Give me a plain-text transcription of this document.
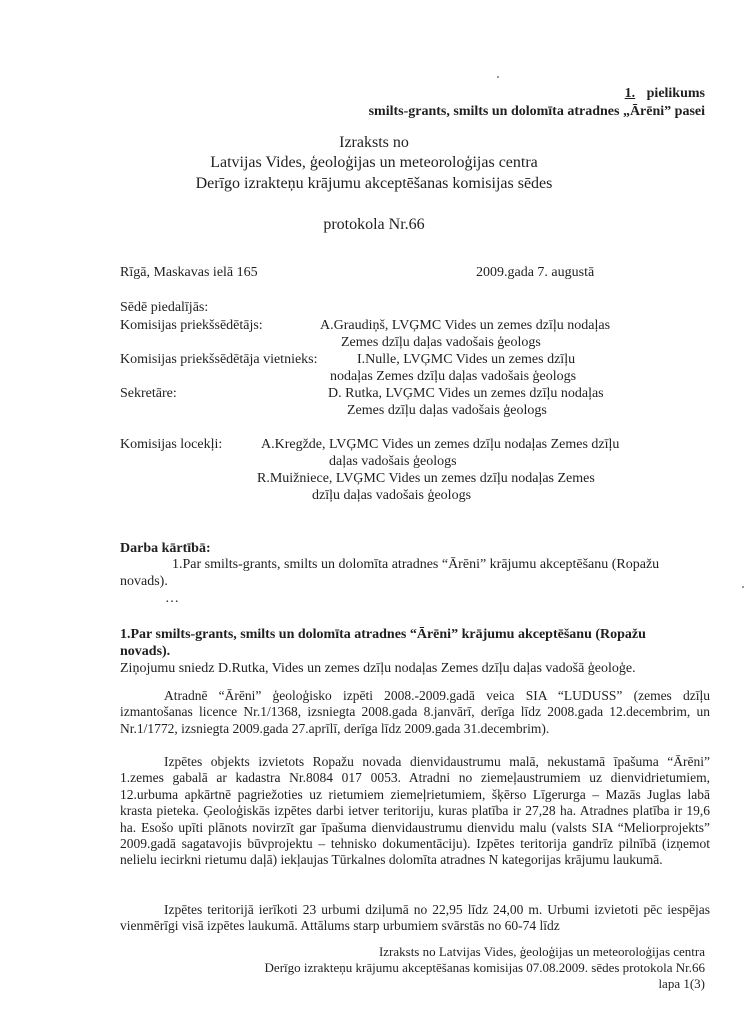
1. pielikums
smilts-grants, smilts un dolomīta atradnes „Ārēni” pasei
Izraksts no
Latvijas Vides, ģeoloģijas un meteoroloģijas centra
Derīgo izrakteņu krājumu akceptēšanas komisijas sēdes
protokola Nr.66
Rīgā, Maskavas ielā 165	2009.gada 7. augustā
Sēdē piedalījās:
Komisijas priekšsēdētājs:	A.Graudiņš, LVĢMC Vides un zemes dzīļu nodaļas
Zemes dzīļu daļas vadošais ģeologs
Komisijas priekšsēdētāja vietnieks:	I.Nulle, LVĢMC Vides un zemes dzīļu
nodaļas Zemes dzīļu daļas vadošais ģeologs
Sekretāre:	D. Rutka, LVĢMC Vides un zemes dzīļu nodaļas
Zemes dzīļu daļas vadošais ģeologs
Komisijas locekļi:	A.Kregžde, LVĢMC Vides un zemes dzīļu nodaļas Zemes dzīļu
daļas vadošais ģeologs
R.Muižniece, LVĢMC Vides un zemes dzīļu nodaļas Zemes
dzīļu daļas vadošais ģeologs
Darba kārtībā:
1.Par smilts-grants, smilts un dolomīta atradnes “Ārēni” krājumu akceptēšanu (Ropažu
novads).
…
1.Par smilts-grants, smilts un dolomīta atradnes “Ārēni” krājumu akceptēšanu (Ropažu
novads).
Ziņojumu sniedz D.Rutka, Vides un zemes dzīļu nodaļas Zemes dzīļu daļas vadošā ģeoloģe.

Atradnē “Ārēni” ģeoloģisko izpēti 2008.-2009.gadā veica SIA “LUDUSS” (zemes dzīļu izmantošanas licence Nr.1/1368, izsniegta 2008.gada 8.janvārī, derīga līdz 2008.gada 12.decembrim, un Nr.1/1772, izsniegta 2009.gada 27.aprīlī, derīga līdz 2009.gada 31.decembrim).

Izpētes objekts izvietots Ropažu novada dienvidaustrumu malā, nekustamā īpašuma “Ārēni” 1.zemes gabalā ar kadastra Nr.8084 017 0053. Atradni no ziemeļaustrumiem uz dienvidrietumiem, 12.urbuma apkārtnē pagriežoties uz rietumiem ziemeļrietumiem, šķērso Līgerurga – Mazās Juglas labā krasta pieteka. Ģeoloģiskās izpētes darbi ietver teritoriju, kuras platība ir 27,28 ha. Atradnes platība ir 19,6 ha. Esošo upīti plānots novirzīt gar īpašuma dienvidaustrumu dienvidu malu (valsts SIA “Meliorprojekts” 2009.gadā sagatavojis būvprojektu – tehnisko dokumentāciju). Izpētes teritorija gandrīz pilnībā (izņemot nelielu iecirkni rietumu daļā) iekļaujas Tūrkalnes dolomīta atradnes N kategorijas krājumu laukumā.

Izpētes teritorijā ierīkoti 23 urbumi dziļumā no 22,95 līdz 24,00 m. Urbumi izvietoti pēc iespējas vienmērīgi visā izpētes laukumā. Attālums starp urbumiem svārstās no 60-74 līdz

Izraksts no Latvijas Vides, ģeoloģijas un meteoroloģijas centra
Derīgo izrakteņu krājumu akceptēšanas komisijas 07.08.2009. sēdes protokola Nr.66
lapa 1(3)
